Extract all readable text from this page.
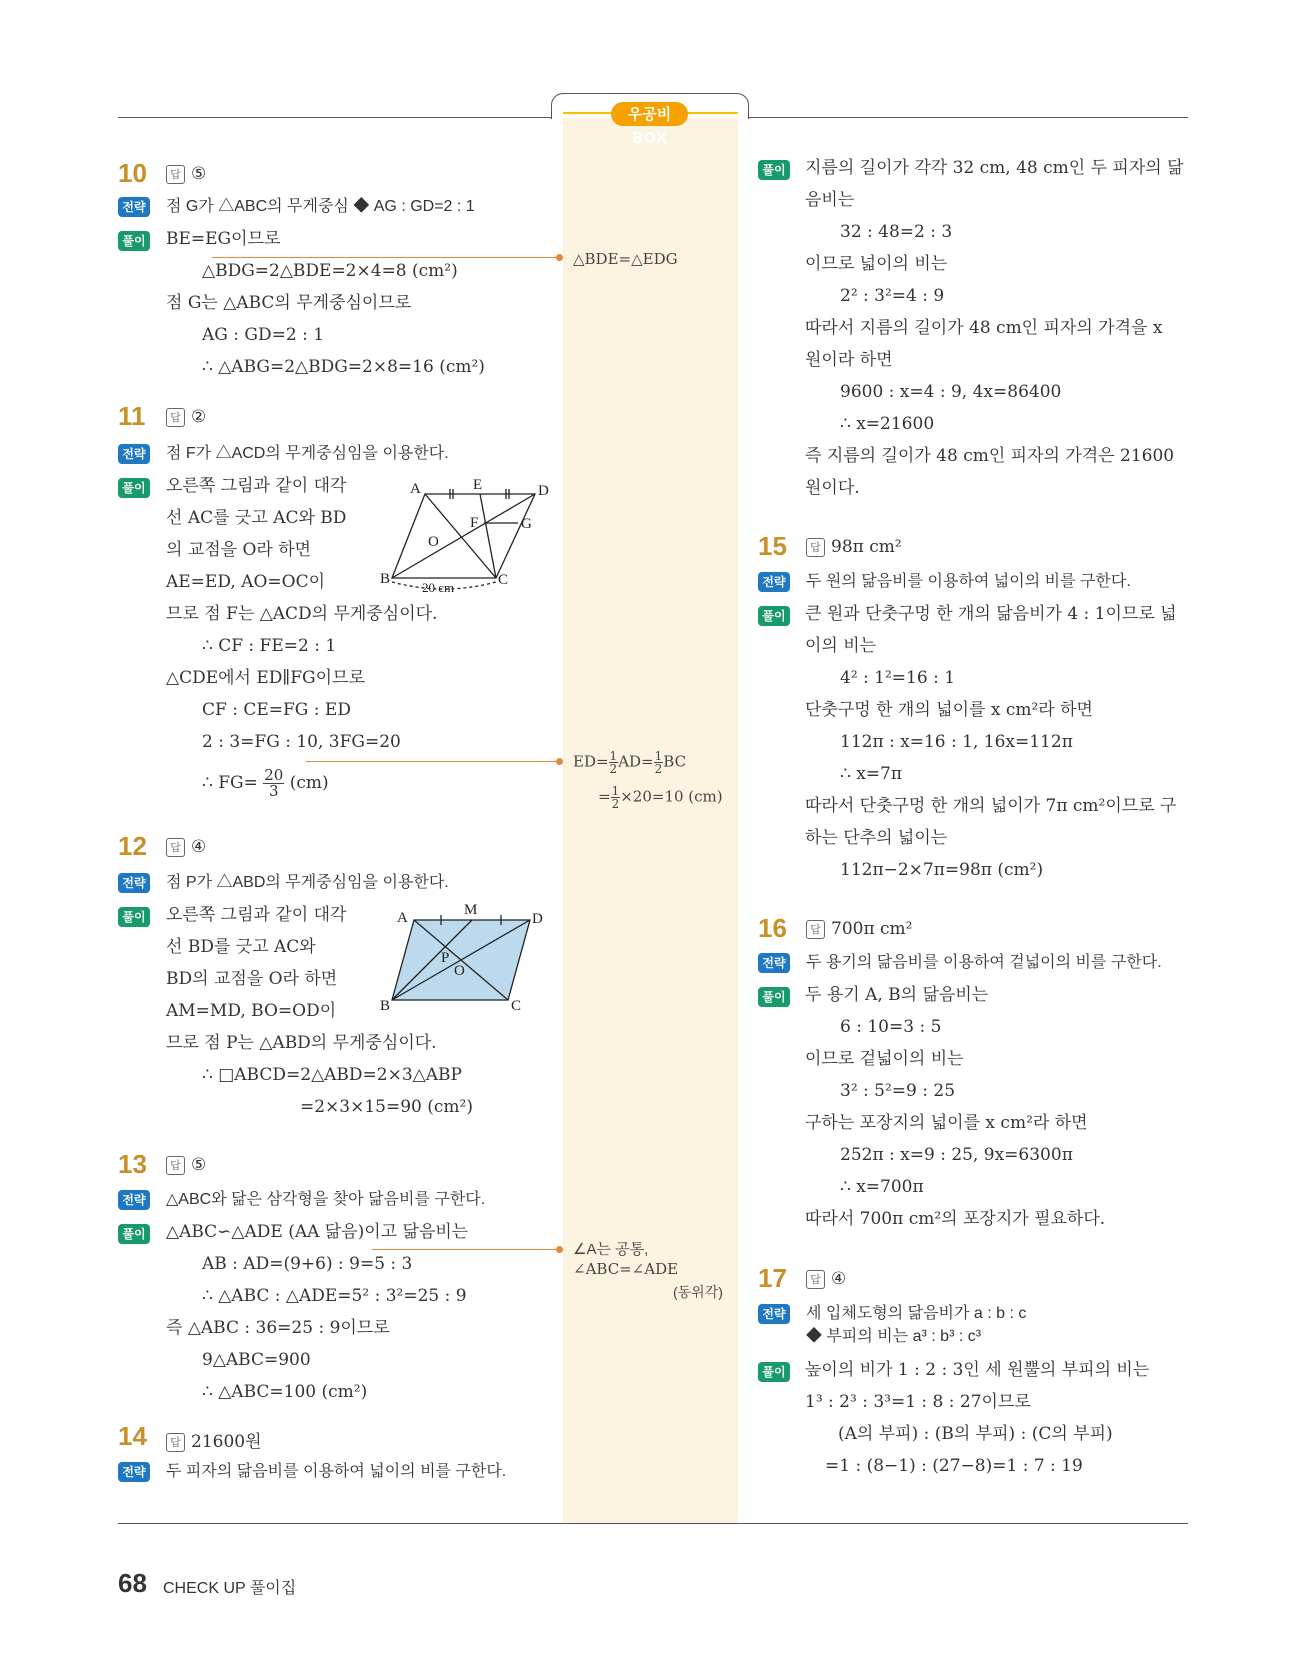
우공비 BOX
10	답 ⑤
전략 점 G가 △ABC의 무게중심 ◆ AG : GD=2 : 1
풀이 BE=EG이므로
△BDG=2△BDE=2×4=8 (cm²)
점 G는 △ABC의 무게중심이므로
AG : GD=2 : 1
∴ △ABG=2△BDG=2×8=16 (cm²)
△BDE=△EDG
11	답 ②
전략 점 F가 △ACD의 무게중심임을 이용한다.
풀이 오른쪽 그림과 같이 대각
선 AC를 긋고 AC와 BD
의 교점을 O라 하면
AE=ED, AO=OC이
므로 점 F는 △ACD의 무게중심이다.
∴ CF : FE=2 : 1
△CDE에서 ED∥FG이므로
CF : CE=FG : ED
2 : 3=FG : 10, 3FG=20
∴ $FG= \frac{20}{3} (cm)$
$ED= \frac{1}{2} AD= \frac{1}{2}$ BC
= $\frac{1}{2} \times 20=10$ (cm)
A	E	D
F	G
O
B	C
20 cm
12	답 ④
전략 점 P가 △ABD의 무게중심임을 이용한다.
풀이 오른쪽 그림과 같이 대각
선 BD를 긋고 AC와
BD의 교점을 O라 하면
AM=MD, BO=OD이
므로 점 P는 △ABD의 무게중심이다.
∴ □ABCD=2△ABD=2×3△ABP
=2×3×15=90 (cm²)
A	M
D
P
O
B	C
13	답 ⑤
전략 △ABC와 닮은 삼각형을 찾아 닮음비를 구한다.
풀이 △ABC∽△ADE (AA 닮음)이고 닮음비는
AB : AD=(9+6) : 9=5 : 3
∴ △ABC : △ADE=5² : 3²=25 : 9
즉 △ABC : 36=25 : 9이므로
9△ABC=900
∴ △ABC=100 (cm²)
∠A는 공통,
∠ABC=∠ADE
(동위각)
14	답 21600원
전략 두 피자의 닮음비를 이용하여 넓이의 비를 구한다.
풀이 지름의 길이가 각각 32 cm, 48 cm인 두 피자의 닮
음비는
32 : 48=2 : 3
이므로 넓이의 비는
2² : 3²=4 : 9
따라서 지름의 길이가 48 cm인 피자의 가격을 x
원이라 하면
9600 : x=4 : 9, 4x=86400
∴ x=21600
즉 지름의 길이가 48 cm인 피자의 가격은 21600
원이다.
15	답 98π cm²
전략 두 원의 닮음비를 이용하여 넓이의 비를 구한다.
풀이 큰 원과 단춧구멍 한 개의 닮음비가 4 : 1이므로 넓
이의 비는
4² : 1²=16 : 1
단춧구멍 한 개의 넓이를 x cm²라 하면
112π : x=16 : 1, 16x=112π
∴ x=7π
따라서 단춧구멍 한 개의 넓이가 7π cm²이므로 구
하는 단추의 넓이는
112π−2×7π=98π (cm²)
16	답 700π cm²
전략 두 용기의 닮음비를 이용하여 겉넓이의 비를 구한다.
풀이 두 용기 A, B의 닮음비는
6 : 10=3 : 5
이므로 겉넓이의 비는
3² : 5²=9 : 25
구하는 포장지의 넓이를 x cm²라 하면
252π : x=9 : 25, 9x=6300π
∴ x=700π
따라서 700π cm²의 포장지가 필요하다.
17	답 ④
전략 세 입체도형의 닮음비가 a : b : c
◆ 부피의 비는 a³ : b³ : c³
풀이 높이의 비가 1 : 2 : 3인 세 원뿔의 부피의 비는
1³ : 2³ : 3³=1 : 8 : 27이므로
(A의 부피) : (B의 부피) : (C의 부피)
=1 : (8−1) : (27−8)=1 : 7 : 19
68 CHECK UP 풀이집
